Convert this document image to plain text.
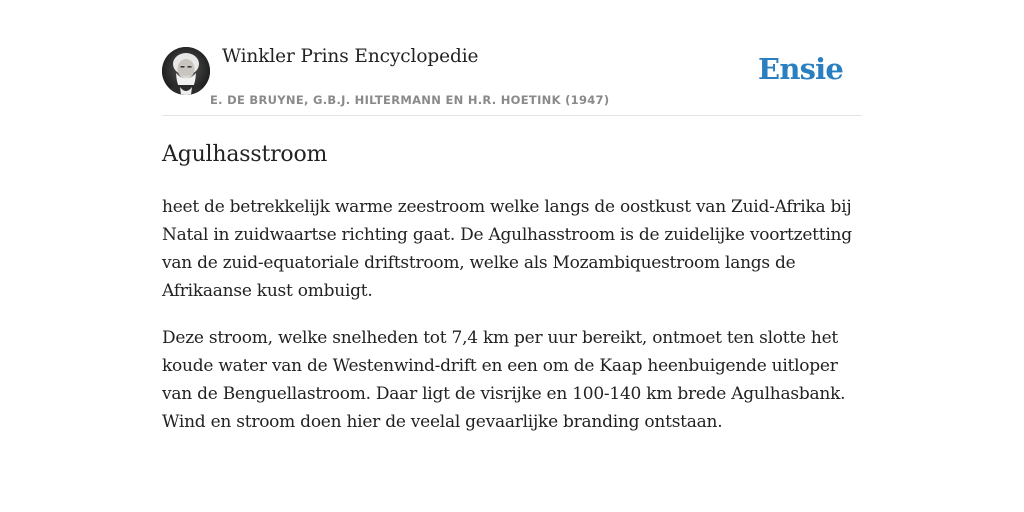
Winkler Prins Encyclopedie
E. DE BRUYNE, G.B.J. HILTERMANN EN H.R. HOETINK (1947)
Ensie
Agulhasstroom

heet de betrekkelijk warme zeestroom welke langs de oostkust van Zuid-Afrika bij Natal in zuidwaartse richting gaat. De Agulhasstroom is de zuidelijke voortzetting van de zuid-equatoriale driftstroom, welke als Mozambiquestroom langs de Afrikaanse kust ombuigt.

Deze stroom, welke snelheden tot 7,4 km per uur bereikt, ontmoet ten slotte het koude water van de Westenwind-drift en een om de Kaap heenbuigende uitloper van de Benguellastroom. Daar ligt de visrijke en 100-140 km brede Agulhasbank. Wind en stroom doen hier de veelal gevaarlijke branding ontstaan.
